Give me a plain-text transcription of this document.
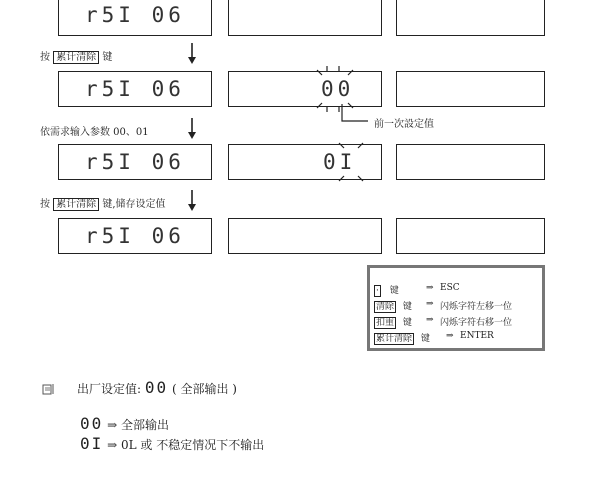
r5I 06
按 累计清除 键
r5I 06	00
前一次設定值
依需求输入参数 00、01
r5I 06	0I
按 累计清除 键,储存设定值
r5I 06
· 键	⇒ ESC
清除 键 ⇒ 闪烁字符左移一位
扣重 键 ⇒ 闪烁字符右移一位
累计清除 键 ⇒ ENTER
出厂设定值: 00 ( 全部输出 )
00 ⇒ 全部输出
0I ⇒ 0L 或 不稳定情况下不输出
